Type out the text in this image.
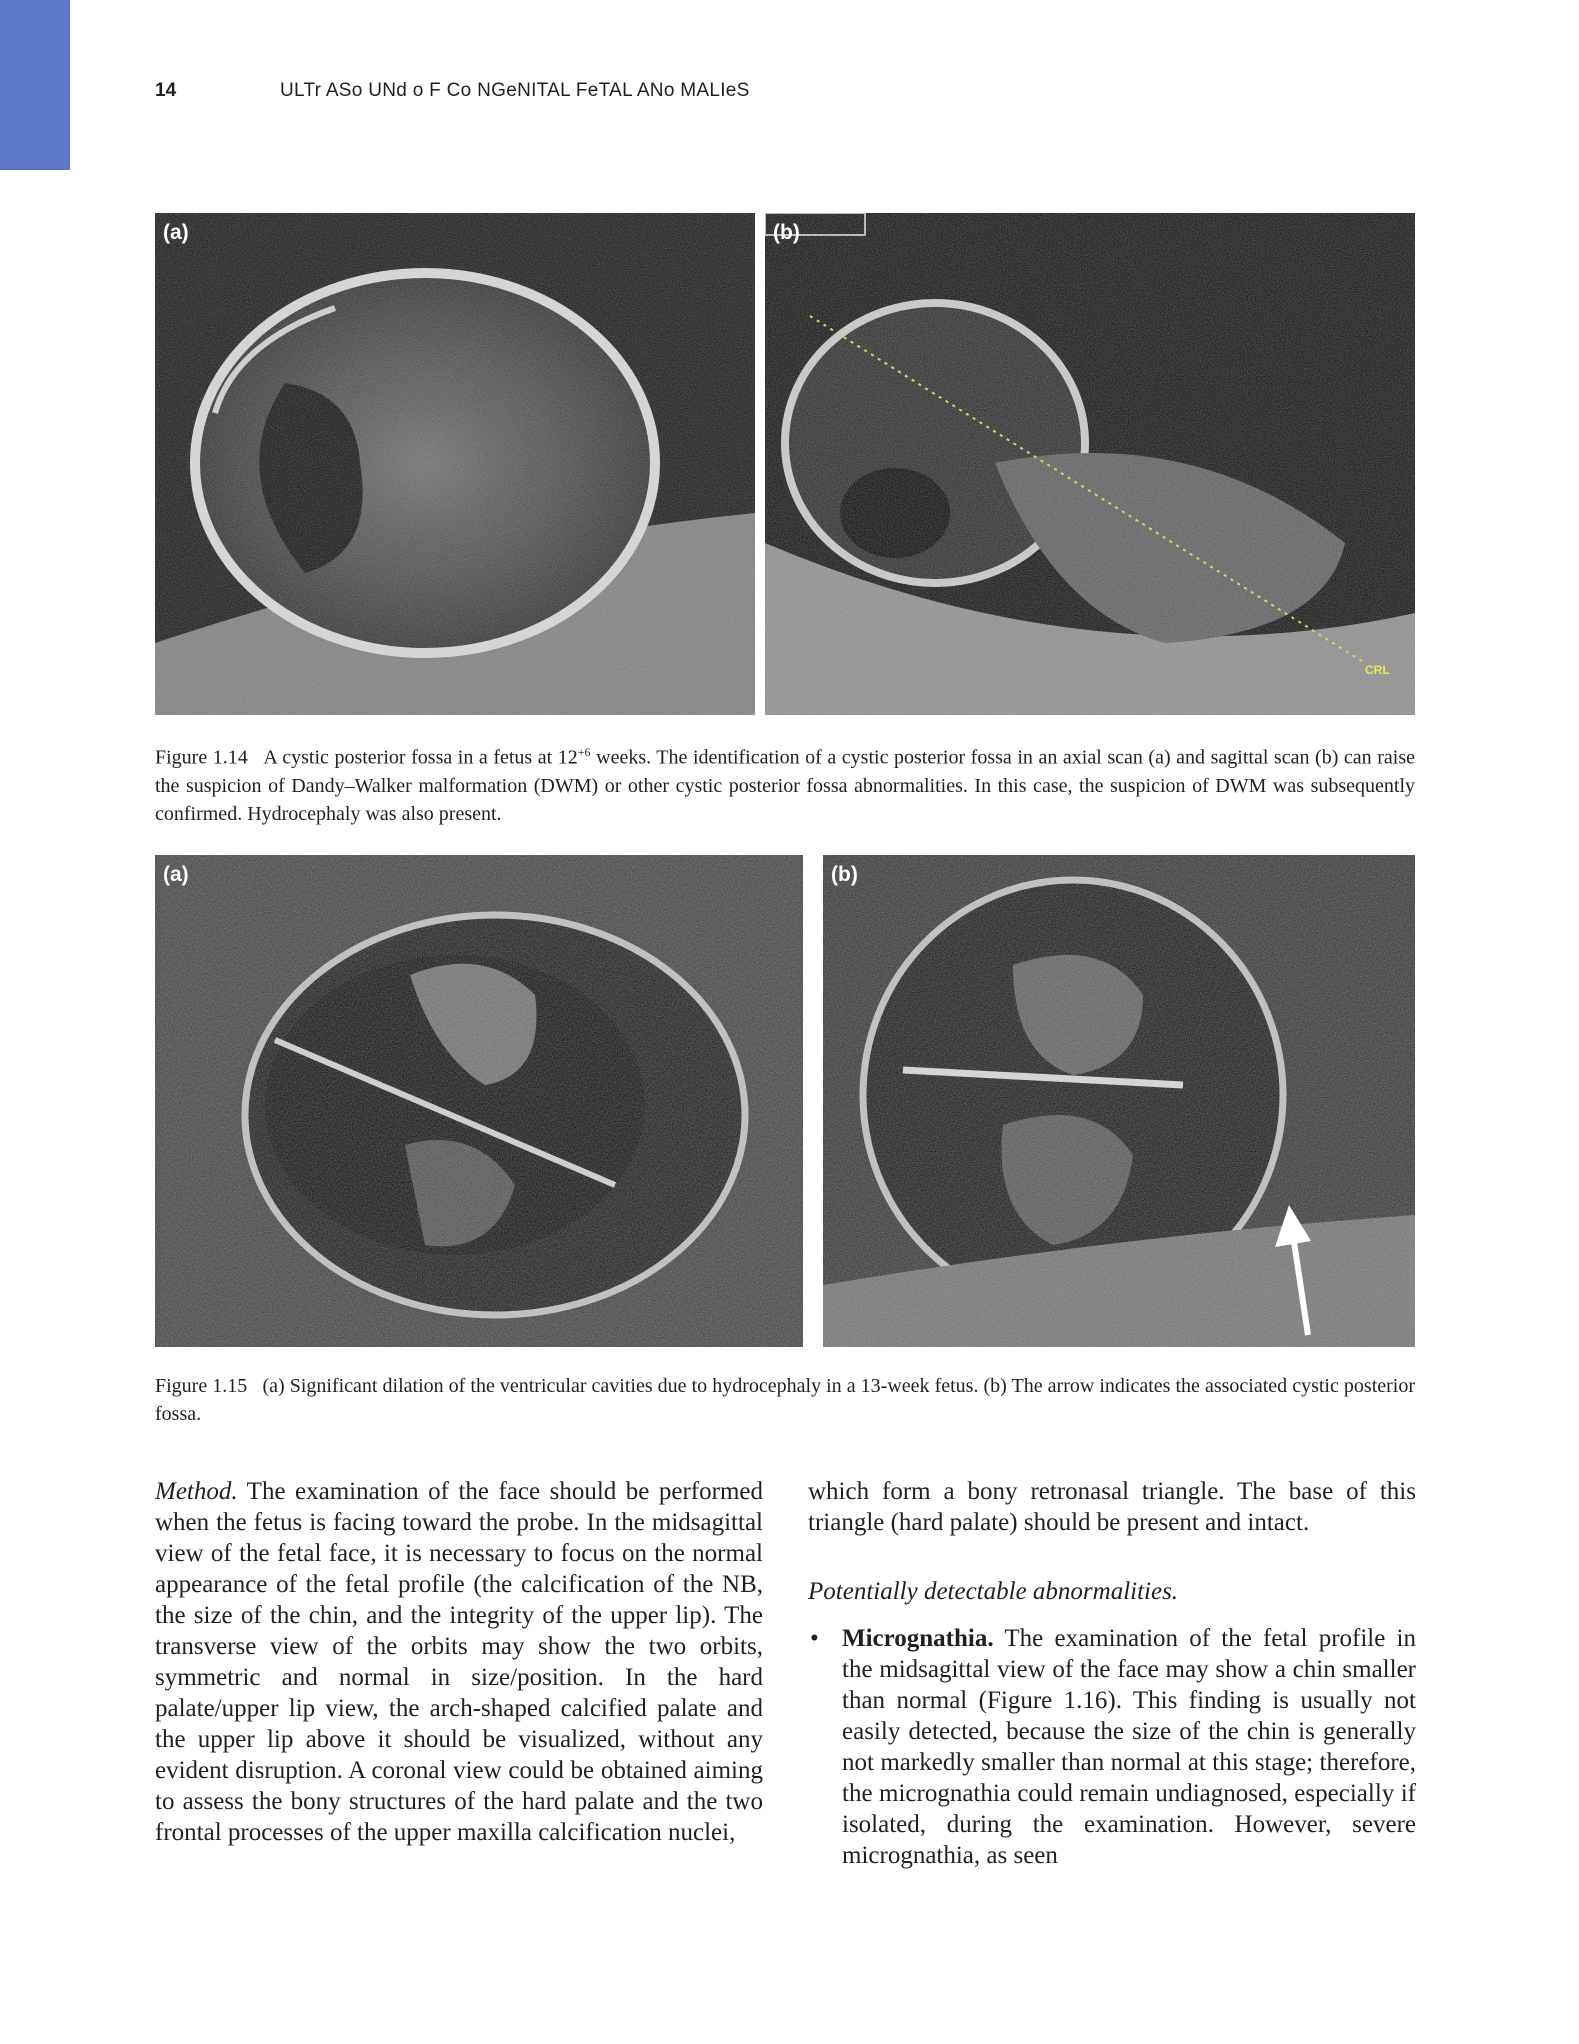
14	ULTr ASo UNd o F Co NGeNITAL FeTAL ANo MALIeS
(a)	(b)
CRL
Figure 1.14 A cystic posterior fossa in a fetus at $12^{+6}$ weeks. The identification of a cystic posterior fossa in an axial scan (a) and sagittal scan (b) can raise the suspicion of Dandy–Walker malformation (DWM) or other cystic posterior fossa abnormalities. In this case, the suspicion of DWM was subsequently confirmed. Hydrocephaly was also present.
(a)	(b)
Figure 1.15 (a) Significant dilation of the ventricular cavities due to hydrocephaly in a 13-week fetus. (b) The arrow indicates the associated cystic posterior fossa.

Method. The examination of the face should be performed when the fetus is facing toward the probe. In the midsagittal view of the fetal face, it is necessary to focus on the normal appearance of the fetal profile (the calcification of the NB, the size of the chin, and the integrity of the upper lip). The transverse view of the orbits may show the two orbits, symmetric and normal in size/position. In the hard palate/upper lip view, the arch-shaped calcified palate and the upper lip above it should be visualized, without any evident disruption. A coronal view could be obtained aiming to assess the bony structures of the hard palate and the two frontal processes of the upper maxilla calcification nuclei,

which form a bony retronasal triangle. The base of this triangle (hard palate) should be present and intact.

Potentially detectable abnormalities.

• Micrognathia. The examination of the fetal profile in the midsagittal view of the face may show a chin smaller than normal (Figure 1.16). This finding is usually not easily detected, because the size of the chin is generally not markedly smaller than normal at this stage; therefore, the micrognathia could remain undiagnosed, especially if isolated, during the examination. However, severe micrognathia, as seen
